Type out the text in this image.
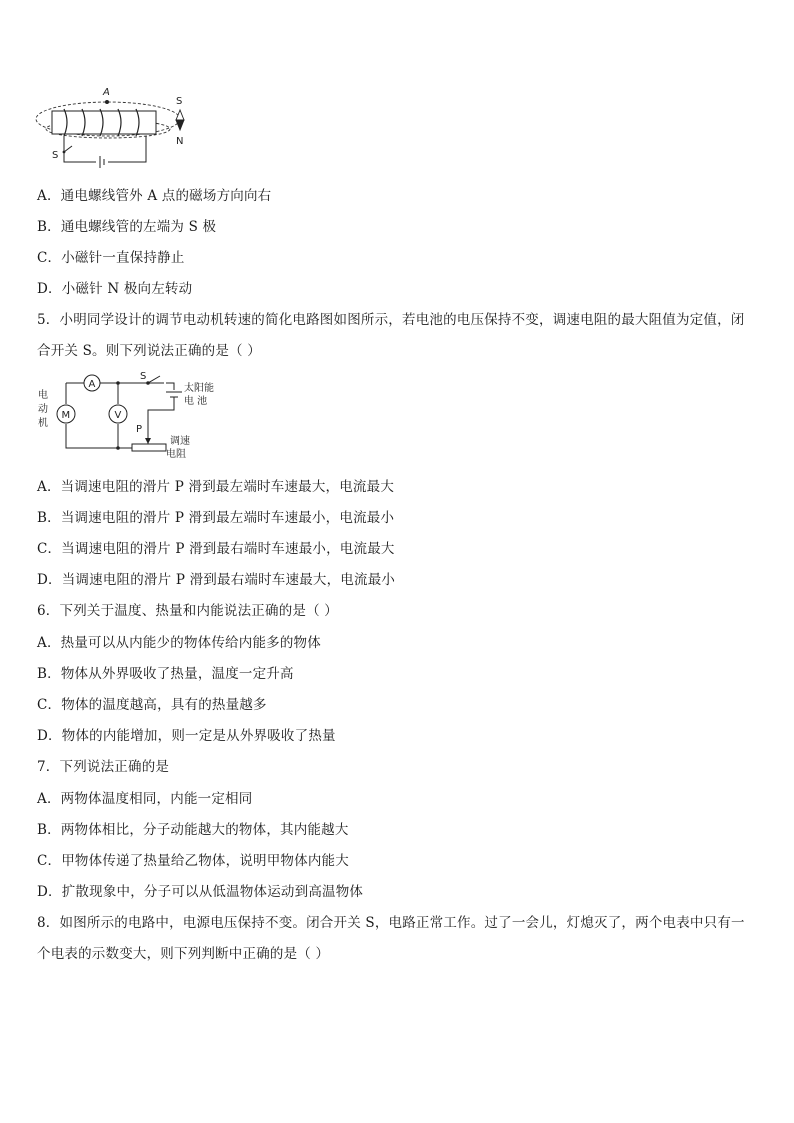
A
S
N
S
A．通电螺线管外 A 点的磁场方向向右
B．通电螺线管的左端为 S 极
C．小磁针一直保持静止
D．小磁针 N 极向左转动
5．小明同学设计的调节电动机转速的简化电路图如图所示，若电池的电压保持不变，调速电阻的最大阻值为定值，闭
合开关 S。则下列说法正确的是（ ）
A
M
电
动
机
V
S
太阳能
电 池
P
调速
电阻
A．当调速电阻的滑片 P 滑到最左端时车速最大，电流最大
B．当调速电阻的滑片 P 滑到最左端时车速最小，电流最小
C．当调速电阻的滑片 P 滑到最右端时车速最小，电流最大
D．当调速电阻的滑片 P 滑到最右端时车速最大，电流最小
6．下列关于温度、热量和内能说法正确的是（ ）
A．热量可以从内能少的物体传给内能多的物体
B．物体从外界吸收了热量，温度一定升高
C．物体的温度越高，具有的热量越多
D．物体的内能增加，则一定是从外界吸收了热量
7．下列说法正确的是
A．两物体温度相同，内能一定相同
B．两物体相比，分子动能越大的物体，其内能越大
C．甲物体传递了热量给乙物体，说明甲物体内能大
D．扩散现象中，分子可以从低温物体运动到高温物体
8．如图所示的电路中，电源电压保持不变。闭合开关 S，电路正常工作。过了一会儿，灯熄灭了，两个电表中只有一
个电表的示数变大，则下列判断中正确的是（ ）
